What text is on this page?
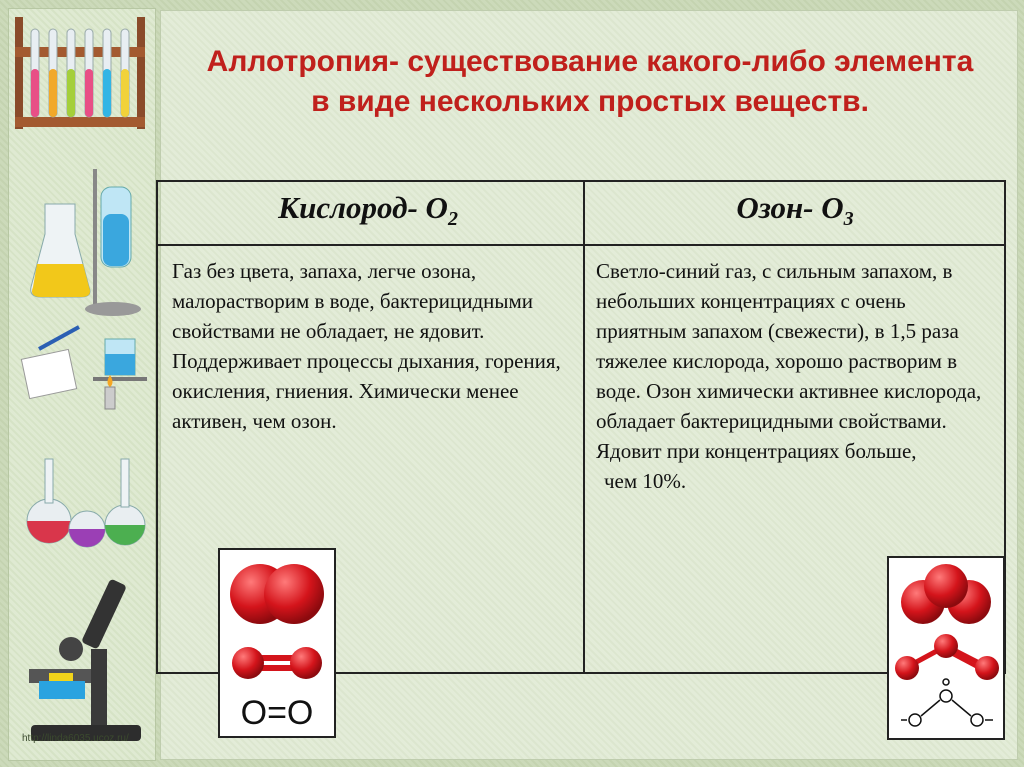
Аллотропия- существование какого-либо элемента в виде нескольких простых веществ.
Кислород- $O_2$	Озон- $O_3$
Газ без цвета, запаха, легче озона, малорастворим в воде, бактерицидными свойствами не обладает, не ядовит. Поддерживает процессы дыхания, горения, окисления, гниения. Химически менее активен, чем озон.
Светло-синий газ, с сильным запахом, в небольших концентрациях с очень приятным запахом (свежести), в 1,5 раза тяжелее кислорода, хорошо растворим в воде. Озон химически активнее кислорода, обладает бактерицидными свойствами. Ядовит при концентрациях больше,
чем 10%.
O=O
http://linda6035.ucoz.ru/
